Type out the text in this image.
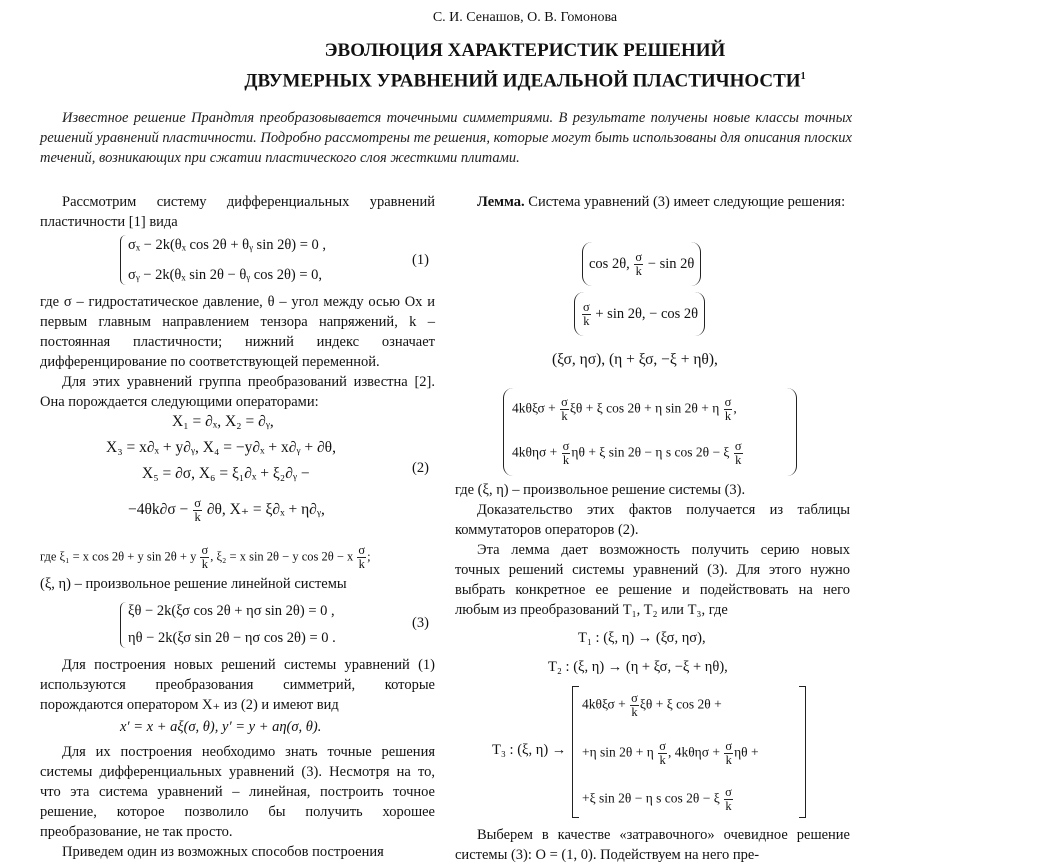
С. И. Сенашов, О. В. Гомонова
ЭВОЛЮЦИЯ ХАРАКТЕРИСТИК РЕШЕНИЙ
ДВУМЕРНЫХ УРАВНЕНИЙ ИДЕАЛЬНОЙ ПЛАСТИЧНОСТИ$^1$
Известное решение Прандтля преобразовывается точечными симметриями. В результате получены новые классы точных решений уравнений пластичности. Подробно рассмотрены те решения, которые могут быть использованы для описания плоских течений, возникающих при сжатии пластического слоя жесткими плитами.

Рассмотрим систему дифференциальных уравнений пластичности [1] вида

σₓ − 2k(θₓ cos 2θ + θᵧ sin 2θ) = 0 ,
σᵧ − 2k(θₓ sin 2θ − θᵧ cos 2θ) = 0,
(1)

где σ – гидростатическое давление, θ – угол между осью Ox и первым главным направлением тензора напряжений, k – постоянная пластичности; нижний индекс означает дифференцирование по соответствующей переменной.

Для этих уравнений группа преобразований известна [2]. Она порождается следующими операторами:

X₁ = ∂ₓ, X₂ = ∂ᵧ,
X₃ = x∂ₓ + y∂ᵧ, X₄ = −y∂ₓ + x∂ᵧ + ∂θ,
X₅ = ∂σ, X₆ = ξ₁∂ₓ + ξ₂∂ᵧ −	(2)
$-4\theta k\partial\sigma - \frac{\sigma}{k} \partial\theta$, X₊ = ξ∂ₓ + η∂ᵧ,
где ξ₁ = x cos 2θ + y sin 2θ + y $\frac{\sigma}{k}$ , ξ₂ = x sin 2θ − y cos 2θ − x $\frac{\sigma}{k}$ ;
(ξ, η) – произвольное решение линейной системы
ξθ − 2k(ξσ cos 2θ + ησ sin 2θ) = 0 ,
ηθ − 2k(ξσ sin 2θ − ησ cos 2θ) = 0 .
(3)

Для построения новых решений системы уравнений (1) используются преобразования симметрий, которые порождаются оператором X₊ из (2) и имеют вид

x′ = x + aξ(σ, θ), y′ = y + aη(σ, θ).

Для их построения необходимо знать точные решения системы дифференциальных уравнений (3). Несмотря на то, что эта система уравнений – линейная, построить точное решение, которое позволило бы получить хорошее преобразование, не так просто.

Приведем один из возможных способов построения

Лемма. Система уравнений (3) имеет следующие решения:

cos 2θ, $\frac{\sigma}{k} - \sin 2\theta$
$\frac{\sigma}{k} + \sin 2\theta$, − cos 2θ
(ξσ, ησ), (η + ξσ, −ξ + ηθ),
$4k\theta\xi\sigma + \frac{\sigma}{k}$ ξθ + ξ cos 2θ + η sin 2θ + η $\frac{\sigma}{k}$ ,
$4k\theta\eta\sigma + \frac{\sigma}{k}$ ηθ + ξ sin 2θ − η s cos 2θ − ξ $\frac{\sigma}{k}$

где (ξ, η) – произвольное решение системы (3).

Доказательство этих фактов получается из таблицы коммутаторов операторов (2).

Эта лемма дает возможность получить серию новых точных решений системы уравнений (3). Для этого нужно выбрать конкретное ее решение и подействовать на него любым из преобразований T₁, T₂ или T₃, где

T₁ : (ξ, η) → (ξσ, ησ),
T₂ : (ξ, η) → (η + ξσ, −ξ + ηθ),
T₃ : (ξ, η) →
$4k\theta\xi\sigma + \frac{\sigma}{k}$ ξθ + ξ cos 2θ +
+η sin 2θ + η $\frac{\sigma}{k}$ , $4k\theta\eta\sigma + \frac{\sigma}{k}$ ηθ +
+ξ sin 2θ − η s cos 2θ − ξ $\frac{\sigma}{k}$

Выберем в качестве «затравочного» очевидное решение системы (3): O = (1, 0). Подействуем на него пре-
